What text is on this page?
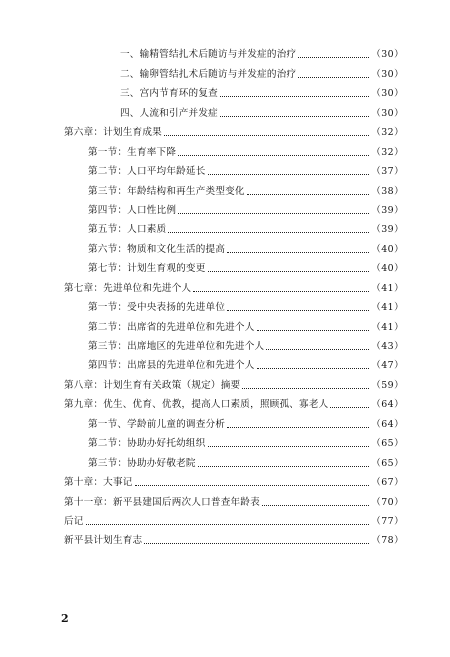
一、输精管结扎术后随访与并发症的治疗	（30）
二、输卵管结扎术后随访与并发症的治疗	（30）
三、宫内节育环的复查	（30）
四、人流和引产并发症	（30）
第六章：计划生育成果	（32）
第一节：生育率下降	（32）
第二节：人口平均年龄延长	（37）
第三节：年龄结构和再生产类型变化	（38）
第四节：人口性比例	（39）
第五节：人口素质	（39）
第六节：物质和文化生活的提高	（40）
第七节：计划生育观的变更	（40）
第七章：先进单位和先进个人	（41）
第一节：受中央表扬的先进单位	（41）
第二节：出席省的先进单位和先进个人	（41）
第三节：出席地区的先进单位和先进个人	（43）
第四节：出席县的先进单位和先进个人	（47）
第八章：计划生育有关政策（规定）摘要	（59）
第九章：优生、优育、优教，提高人口素质，照顾孤、寡老人	（64）
第一节、学龄前儿童的调查分析	（64）
第二节：协助办好托幼组织	（65）
第三节：协助办好敬老院	（65）
第十章：大事记	（67）
第十一章：新平县建国后两次人口普查年龄表	（70）
后记	（77）
新平县计划生育志	（78）
2
